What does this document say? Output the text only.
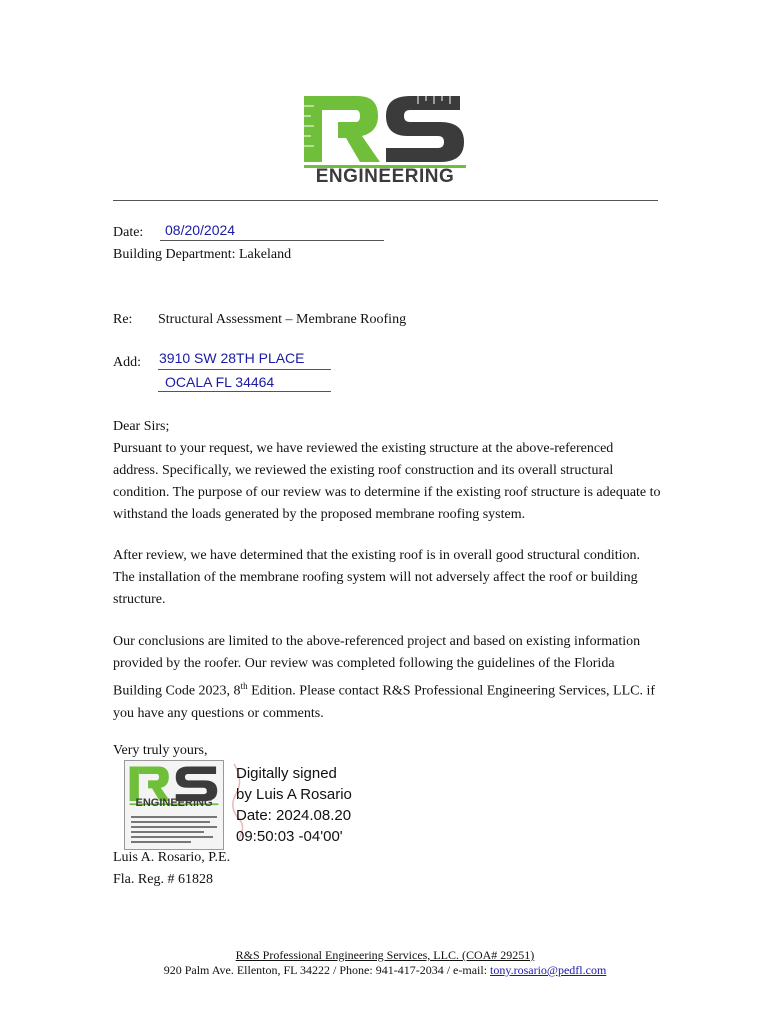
ENGINEERING
Date: 08/20/2024
Building Department: Lakeland
Re: Structural Assessment – Membrane Roofing
Add: 3910 SW 28TH PLACE
OCALA FL 34464
Dear Sirs;
Pursuant to your request, we have reviewed the existing structure at the above-referenced address. Specifically, we reviewed the existing roof construction and its overall structural condition. The purpose of our review was to determine if the existing roof structure is adequate to withstand the loads generated by the proposed membrane roofing system.
After review, we have determined that the existing roof is in overall good structural condition. The installation of the membrane roofing system will not adversely affect the roof or building structure.
Our conclusions are limited to the above-referenced project and based on existing information provided by the roofer. Our review was completed following the guidelines of the Florida Building Code 2023, 8th Edition. Please contact R&S Professional Engineering Services, LLC. if you have any questions or comments.
Very truly yours,
ENGINEERING
Digitally signed
by Luis A Rosario
Date: 2024.08.20
09:50:03 -04'00'
Luis A. Rosario, P.E.
Fla. Reg. # 61828
R&S Professional Engineering Services, LLC. (COA# 29251)
920 Palm Ave. Ellenton, FL 34222 / Phone: 941-417-2034 / e-mail: tony.rosario@pedfl.com
